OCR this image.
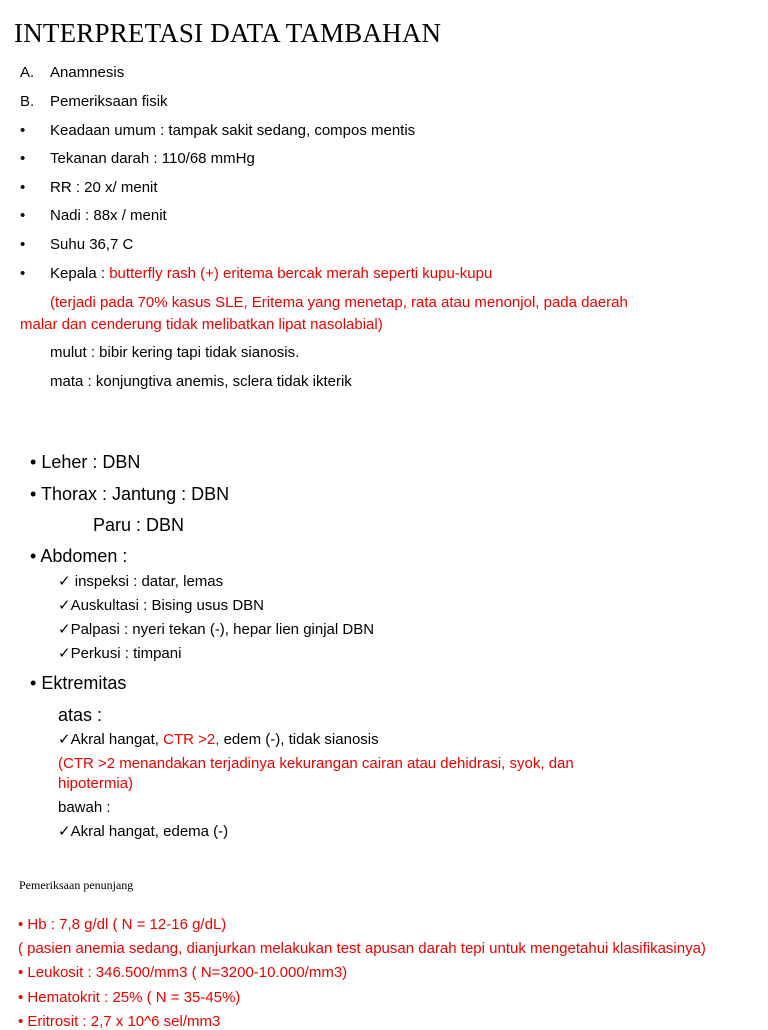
INTERPRETASI DATA TAMBAHAN
A. Anamnesis
B. Pemeriksaan fisik
• Keadaan umum : tampak sakit sedang, compos mentis
• Tekanan darah : 110/68 mmHg
• RR : 20 x/ menit
• Nadi : 88x / menit
• Suhu 36,7 C
• Kepala : butterfly rash (+) eritema bercak merah seperti kupu-kupu
(terjadi pada 70% kasus SLE, Eritema yang menetap, rata atau menonjol, pada daerah
malar dan cenderung tidak melibatkan lipat nasolabial)
mulut : bibir kering tapi tidak sianosis.
mata : konjungtiva anemis, sclera tidak ikterik
• Leher : DBN
• Thorax : Jantung : DBN
Paru : DBN
• Abdomen :
✓ inspeksi : datar, lemas
✓Auskultasi : Bising usus DBN
✓Palpasi : nyeri tekan (-), hepar lien ginjal DBN
✓Perkusi : timpani
• Ektremitas
atas :
✓Akral hangat, CTR >2, edem (-), tidak sianosis
(CTR >2 menandakan terjadinya kekurangan cairan atau dehidrasi, syok, dan
hipotermia)
bawah :
✓Akral hangat, edema (-)
Pemeriksaan penunjang
• Hb : 7,8 g/dl ( N = 12-16 g/dL)
( pasien anemia sedang, dianjurkan melakukan test apusan darah tepi untuk mengetahui klasifikasinya)
• Leukosit : 346.500/mm3 ( N=3200-10.000/mm3)
• Hematokrit : 25% ( N = 35-45%)
• Eritrosit : 2,7 x 10^6 sel/mm3
